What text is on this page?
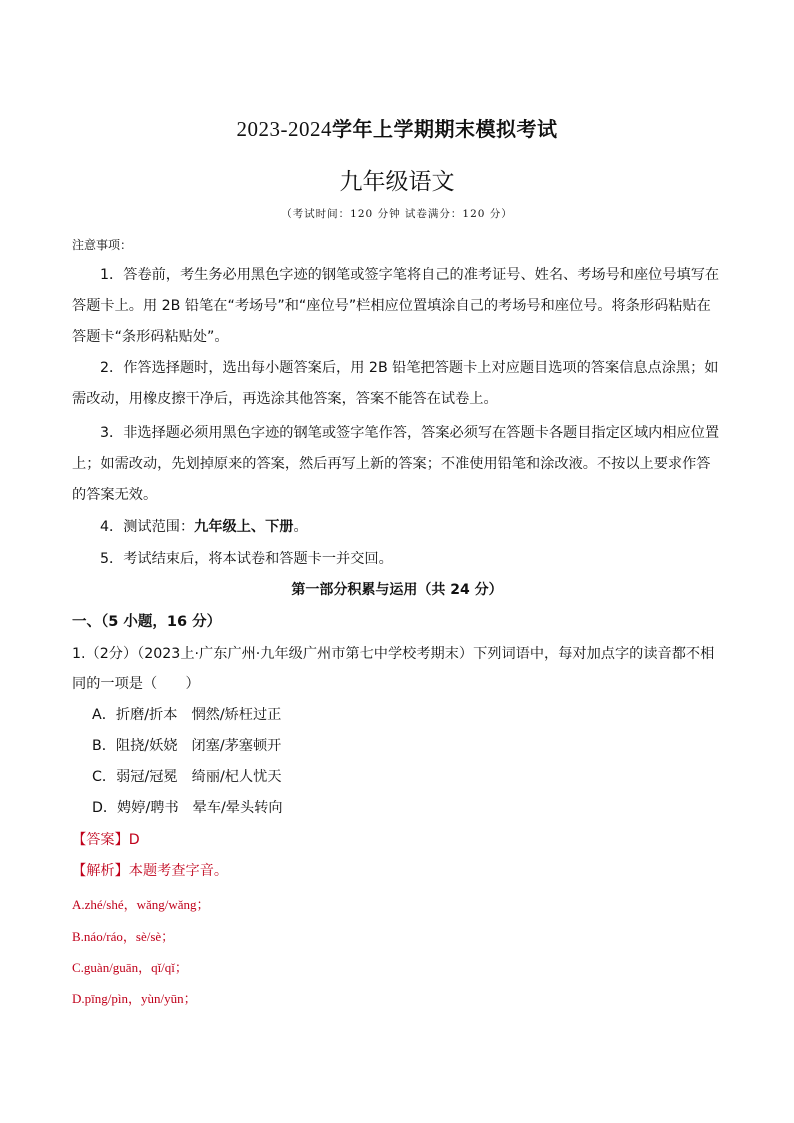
2023-2024学年上学期期末模拟考试
九年级语文
（考试时间：120 分钟 试卷满分：120 分）
注意事项：
1．答卷前，考生务必用黑色字迹的钢笔或签字笔将自己的准考证号、姓名、考场号和座位号填写在答题卡上。用 2B 铅笔在“考场号”和“座位号”栏相应位置填涂自己的考场号和座位号。将条形码粘贴在答题卡“条形码粘贴处”。
2．作答选择题时，选出每小题答案后，用 2B 铅笔把答题卡上对应题目选项的答案信息点涂黑；如需改动，用橡皮擦干净后，再选涂其他答案，答案不能答在试卷上。
3．非选择题必须用黑色字迹的钢笔或签字笔作答，答案必须写在答题卡各题目指定区域内相应位置上；如需改动，先划掉原来的答案，然后再写上新的答案；不准使用铅笔和涂改液。不按以上要求作答的答案无效。
4．测试范围：九年级上、下册。
5．考试结束后，将本试卷和答题卡一并交回。
第一部分积累与运用（共 24 分）
一、（5 小题，16 分）
1.（2分）（2023上·广东广州·九年级广州市第七中学校考期末）下列词语中，每对加点字的读音都不相同的一项是（　　）
A．折磨/折本 惘然/矫枉过正
B．阻挠/妖娆 闭塞/茅塞顿开
C．弱冠/冠冕 绮丽/杞人忧天
D．娉婷/聘书 晕车/晕头转向
【答案】D
【解析】本题考查字音。
A.zhé/shé，wǎng/wǎng；
B.náo/ráo，sè/sè；
C.guàn/guān，qǐ/qǐ；
D.pīng/pìn，yùn/yūn；
